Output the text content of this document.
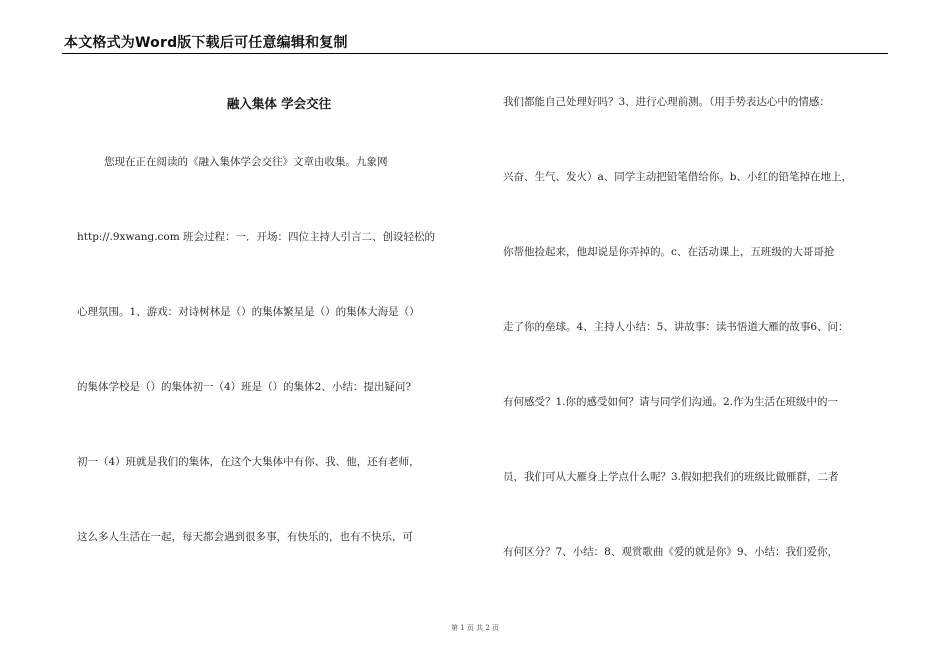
本文格式为Word版下载后可任意编辑和复制
融入集体 学会交往
您现在正在阅读的《融入集体学会交往》文章由收集。九象网
http://.9xwang.com 班会过程：一．开场：四位主持人引言二、创设轻松的
心理氛围。1、游戏：对诗树林是（）的集体繁星是（）的集体大海是（）
的集体学校是（）的集体初一（4）班是（）的集体2、小结：提出疑问?
初一（4）班就是我们的集体，在这个大集体中有你、我、他，还有老师，
这么多人生活在一起，每天都会遇到很多事，有快乐的，也有不快乐，可
我们都能自己处理好吗？3、进行心理前测。（用手势表达心中的情感：
兴奋、生气、发火）a、同学主动把铅笔借给你。b、小红的铅笔掉在地上，
你帮他捡起来，他却说是你弄掉的。c、在活动课上，五班级的大哥哥抢
走了你的垒球。4、主持人小结：5、讲故事：读书悟道大雁的故事6、问：
有何感受？1.你的感受如何？请与同学们沟通。2.作为生活在班级中的一
员，我们可从大雁身上学点什么呢？3.假如把我们的班级比做雁群，二者
有何区分？7、小结：8、观赏歌曲《爱的就是你》9、小结：我们爱你，
第 1 页 共 2 页
